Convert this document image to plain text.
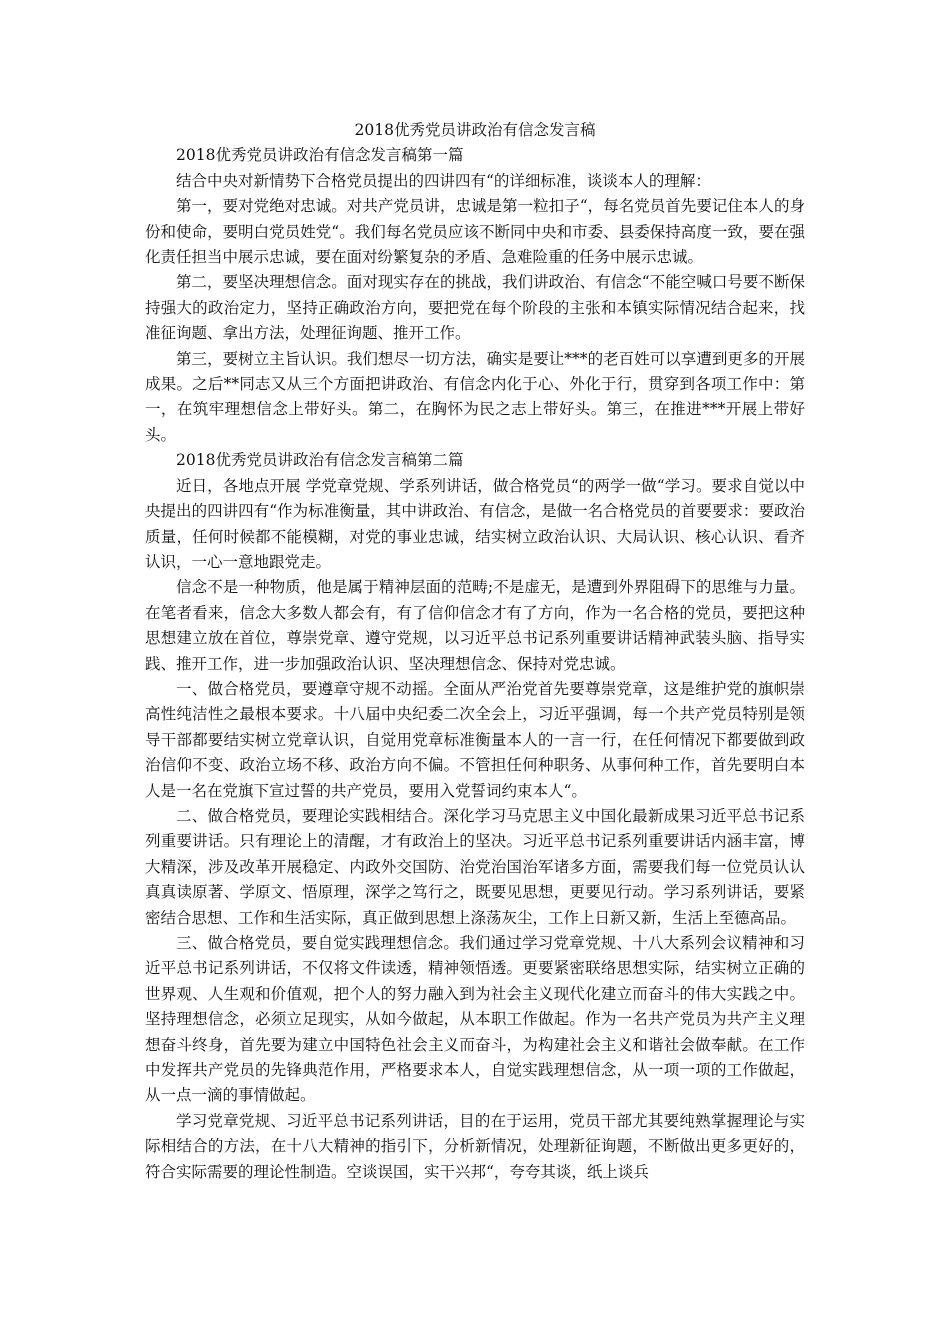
2018优秀党员讲政治有信念发言稿
2018优秀党员讲政治有信念发言稿第一篇

结合中央对新情势下合格党员提出的四讲四有“的详细标准，谈谈本人的理解：

第一，要对党绝对忠诚。对共产党员讲，忠诚是第一粒扣子“，每名党员首先要记住本人的身份和使命，要明白党员姓党“。我们每名党员应该不断同中央和市委、县委保持高度一致，要在强化责任担当中展示忠诚，要在面对纷繁复杂的矛盾、急难险重的任务中展示忠诚。

第二，要坚决理想信念。面对现实存在的挑战，我们讲政治、有信念“不能空喊口号要不断保持强大的政治定力，坚持正确政治方向，要把党在每个阶段的主张和本镇实际情况结合起来，找准征询题、拿出方法，处理征询题、推开工作。

第三，要树立主旨认识。我们想尽一切方法，确实是要让***的老百姓可以享遭到更多的开展成果。之后**同志又从三个方面把讲政治、有信念内化于心、外化于行，贯穿到各项工作中：第一，在筑牢理想信念上带好头。第二，在胸怀为民之志上带好头。第三，在推进***开展上带好头。

2018优秀党员讲政治有信念发言稿第二篇

近日，各地点开展 学党章党规、学系列讲话，做合格党员“的两学一做“学习。要求自觉以中央提出的四讲四有“作为标准衡量，其中讲政治、有信念，是做一名合格党员的首要要求：要政治质量，任何时候都不能模糊，对党的事业忠诚，结实树立政治认识、大局认识、核心认识、看齐认识，一心一意地跟党走。

信念不是一种物质，他是属于精神层面的范畴;不是虚无，是遭到外界阻碍下的思维与力量。在笔者看来，信念大多数人都会有，有了信仰信念才有了方向，作为一名合格的党员，要把这种思想建立放在首位，尊崇党章、遵守党规，以习近平总书记系列重要讲话精神武装头脑、指导实践、推开工作，进一步加强政治认识、坚决理想信念、保持对党忠诚。

一、做合格党员，要遵章守规不动摇。全面从严治党首先要尊崇党章，这是维护党的旗帜崇高性纯洁性之最根本要求。十八届中央纪委二次全会上，习近平强调，每一个共产党员特别是领导干部都要结实树立党章认识，自觉用党章标准衡量本人的一言一行，在任何情况下都要做到政治信仰不变、政治立场不移、政治方向不偏。不管担任何种职务、从事何种工作，首先要明白本人是一名在党旗下宣过誓的共产党员，要用入党誓词约束本人“。

二、做合格党员，要理论实践相结合。深化学习马克思主义中国化最新成果习近平总书记系列重要讲话。只有理论上的清醒，才有政治上的坚决。习近平总书记系列重要讲话内涵丰富，博大精深，涉及改革开展稳定、内政外交国防、治党治国治军诸多方面，需要我们每一位党员认认真真读原著、学原文、悟原理，深学之笃行之，既要见思想，更要见行动。学习系列讲话，要紧密结合思想、工作和生活实际，真正做到思想上涤荡灰尘，工作上日新又新，生活上至德高品。

三、做合格党员，要自觉实践理想信念。我们通过学习党章党规、十八大系列会议精神和习近平总书记系列讲话，不仅将文件读透，精神领悟透。更要紧密联络思想实际，结实树立正确的世界观、人生观和价值观，把个人的努力融入到为社会主义现代化建立而奋斗的伟大实践之中。坚持理想信念，必须立足现实，从如今做起，从本职工作做起。作为一名共产党员为共产主义理想奋斗终身，首先要为建立中国特色社会主义而奋斗，为构建社会主义和谐社会做奉献。在工作中发挥共产党员的先锋典范作用，严格要求本人，自觉实践理想信念，从一项一项的工作做起，从一点一滴的事情做起。

学习党章党规、习近平总书记系列讲话，目的在于运用，党员干部尤其要纯熟掌握理论与实际相结合的方法，在十八大精神的指引下，分析新情况，处理新征询题，不断做出更多更好的，符合实际需要的理论性制造。空谈误国，实干兴邦“，夸夸其谈，纸上谈兵
